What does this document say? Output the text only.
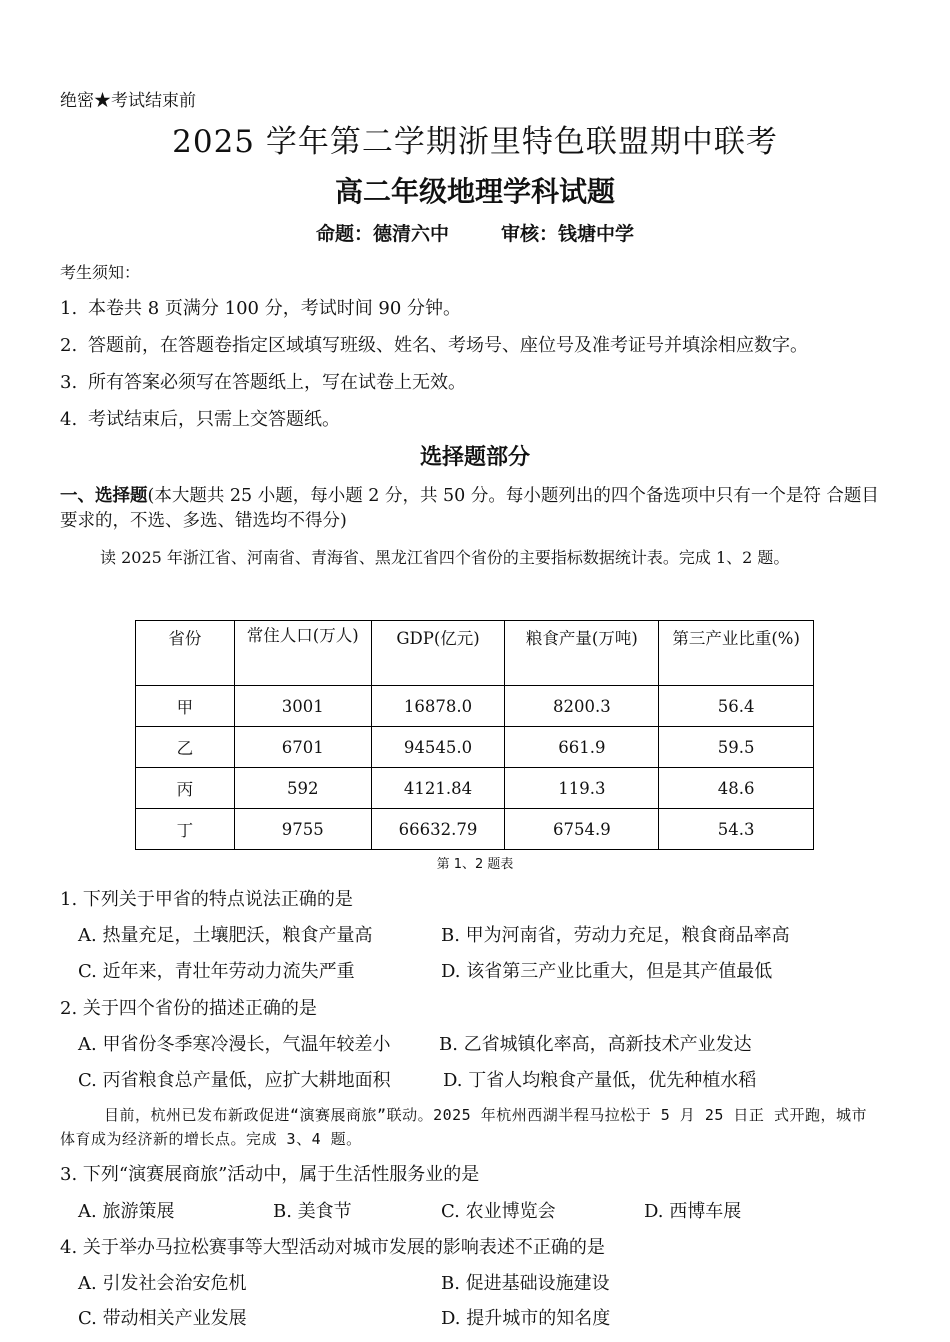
绝密★考试结束前
2025 学年第二学期浙里特色联盟期中联考
高二年级地理学科试题
命题：德清六中	审核：钱塘中学
考生须知：
1. 本卷共 8 页满分 100 分，考试时间 90 分钟。
2. 答题前，在答题卷指定区域填写班级、姓名、考场号、座位号及准考证号并填涂相应数字。
3. 所有答案必须写在答题纸上，写在试卷上无效。
4. 考试结束后，只需上交答题纸。
选择题部分
一、选择题(本大题共 25 小题，每小题 2 分，共 50 分。每小题列出的四个备选项中只有一个是符 合题目要求的，不选、多选、错选均不得分)
读 2025 年浙江省、河南省、青海省、黑龙江省四个省份的主要指标数据统计表。完成 1、2 题。
省份	常住人口(万人)	GDP(亿元)	粮食产量(万吨)	第三产业比重(%)
甲	3001	16878.0	8200.3	56.4
乙	6701	94545.0	661.9	59.5
丙	592	4121.84	119.3	48.6
丁	9755	66632.79	6754.9	54.3
第 1、2 题表
1. 下列关于甲省的特点说法正确的是
A. 热量充足，土壤肥沃，粮食产量高	B. 甲为河南省，劳动力充足，粮食商品率高
C. 近年来，青壮年劳动力流失严重	D. 该省第三产业比重大，但是其产值最低
2. 关于四个省份的描述正确的是
A. 甲省份冬季寒冷漫长，气温年较差小	B. 乙省城镇化率高，高新技术产业发达
C. 丙省粮食总产量低，应扩大耕地面积	D. 丁省人均粮食产量低，优先种植水稻
目前，杭州已发布新政促进“演赛展商旅”联动。2025 年杭州西湖半程马拉松于 5 月 25 日正 式开跑，城市体育成为经济新的增长点。完成 3、4 题。
3. 下列“演赛展商旅”活动中，属于生活性服务业的是
A. 旅游策展	B. 美食节	C. 农业博览会	D. 西博车展
4. 关于举办马拉松赛事等大型活动对城市发展的影响表述不正确的是
A. 引发社会治安危机	B. 促进基础设施建设
C. 带动相关产业发展	D. 提升城市的知名度
